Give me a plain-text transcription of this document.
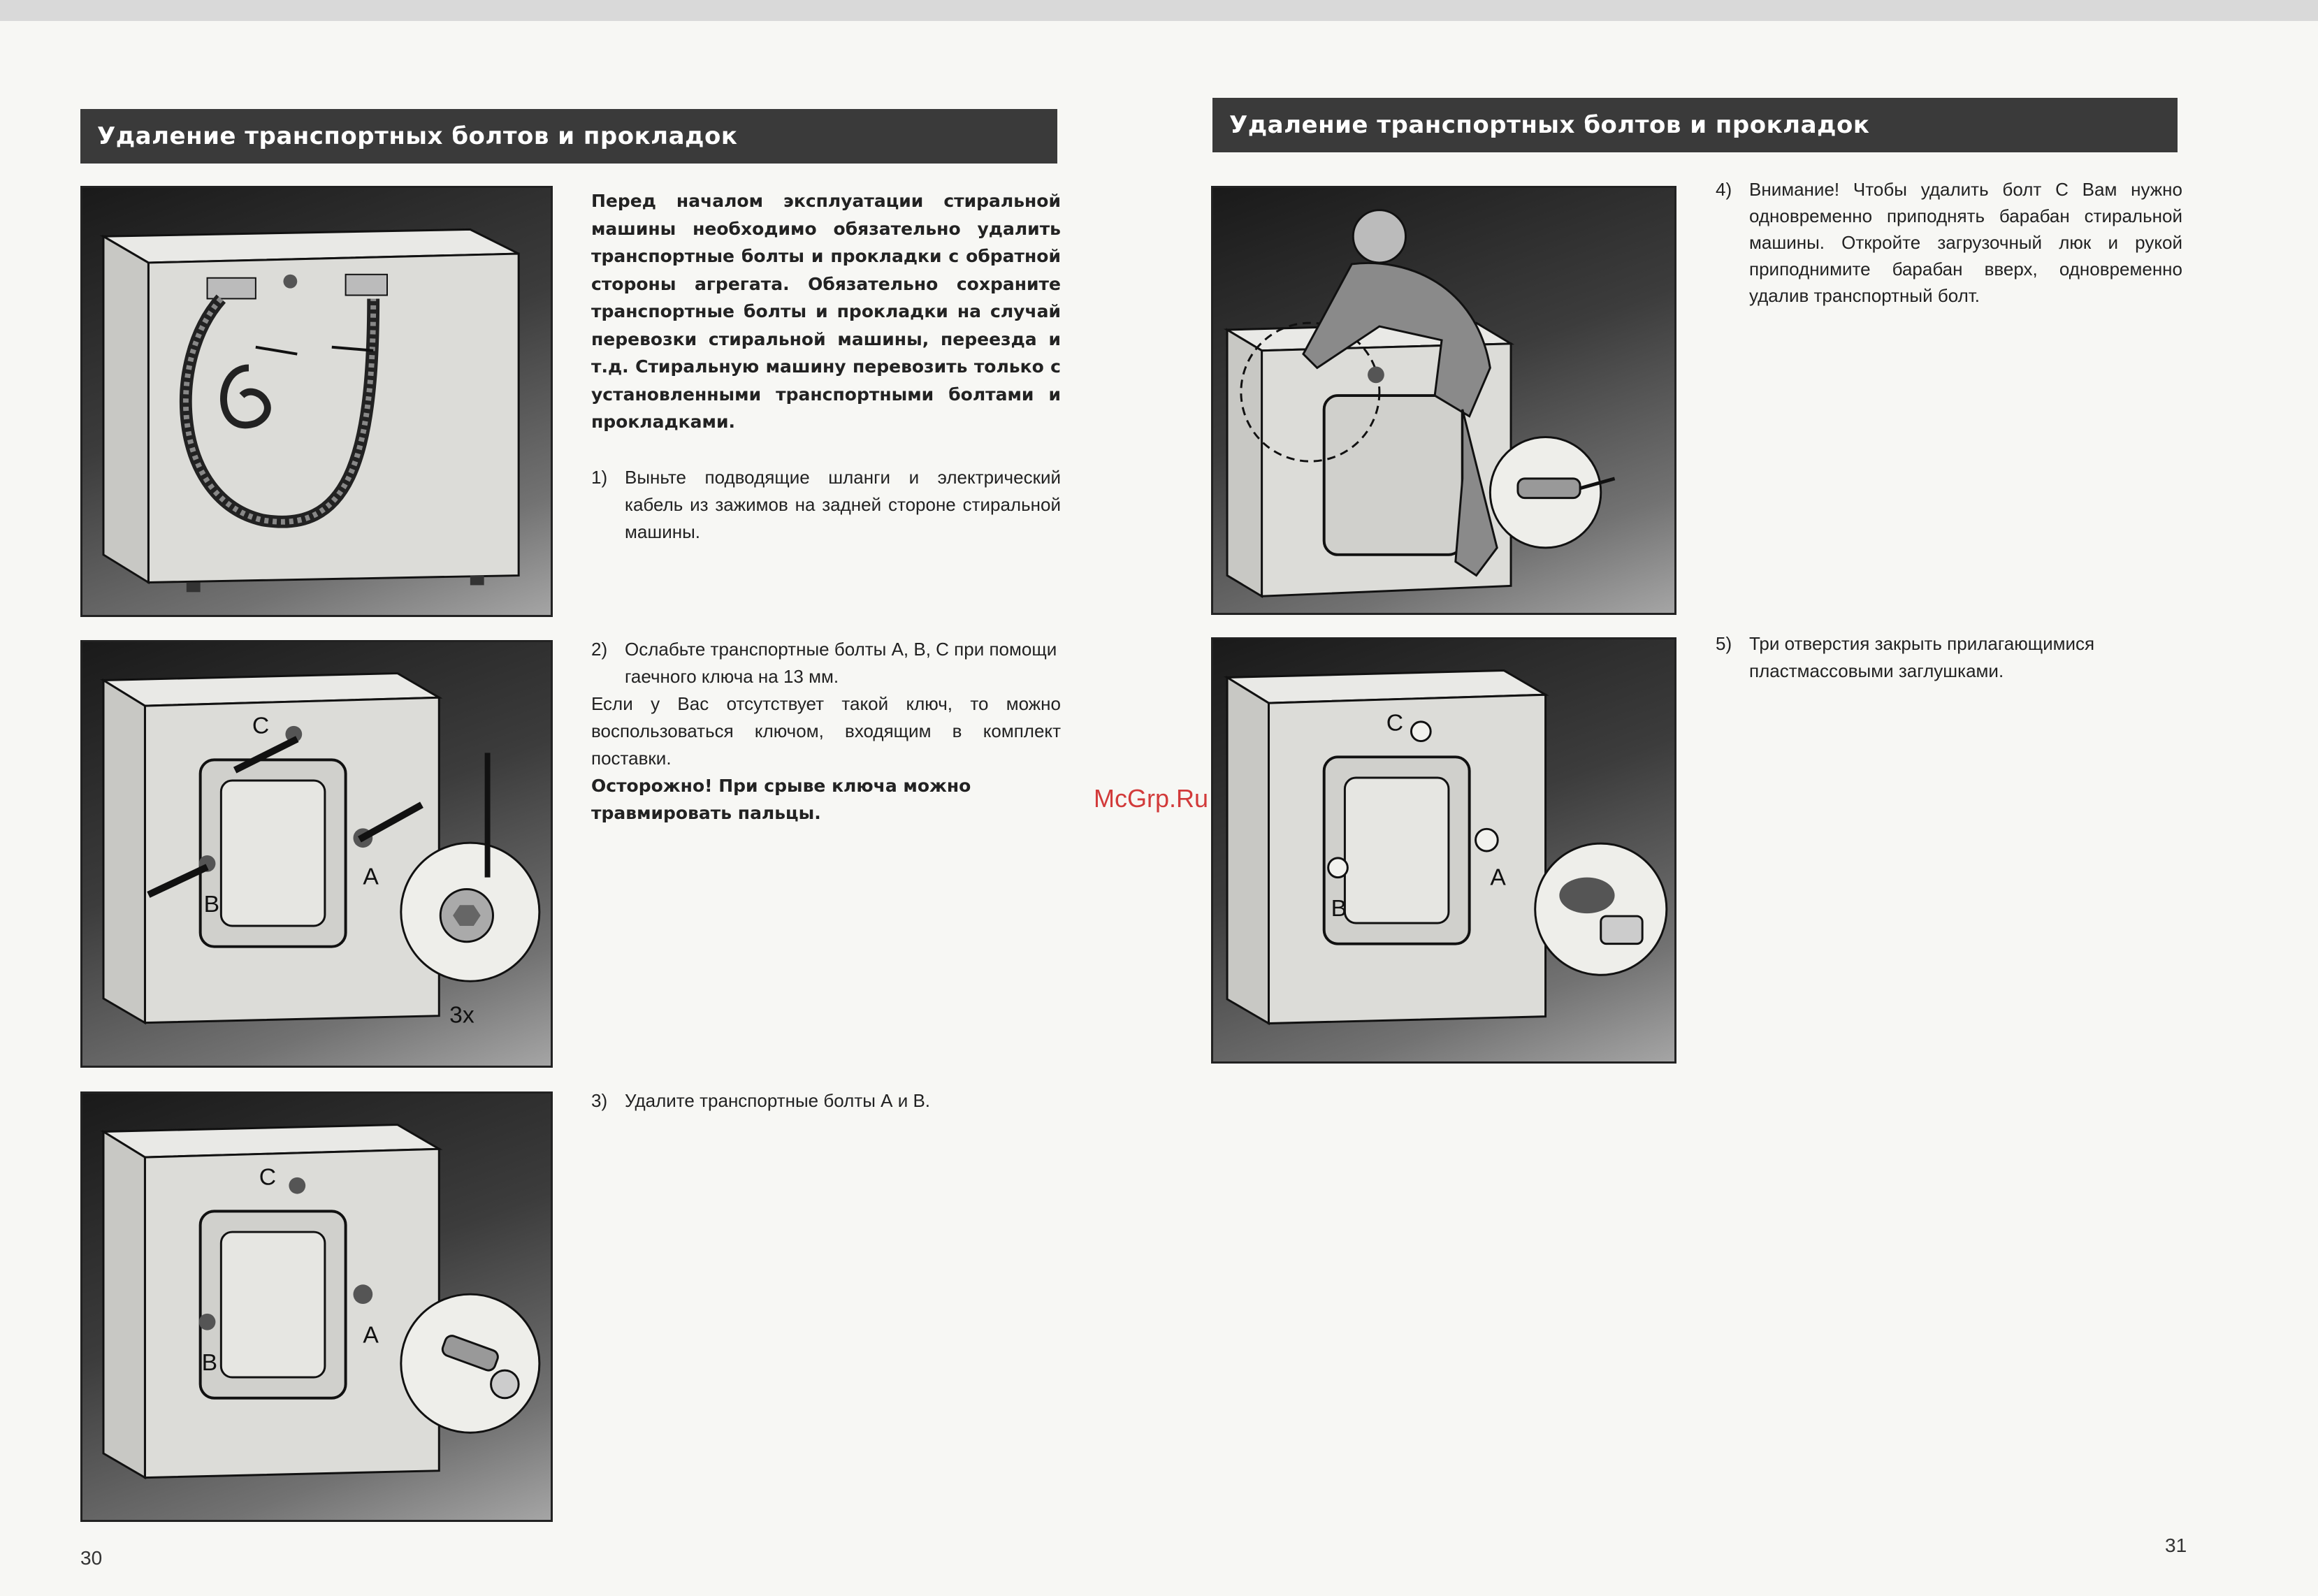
Удаление транспортных болтов и прокладок
Перед началом эксплуатации стиральной машины необходимо обязательно удалить транспортные болты и прокладки с обратной стороны агрегата. Обязательно сохраните транспортные болты и прокладки на случай перевозки стиральной машины, переезда и т.д. Стиральную машину перевозить только с установленными транспортными болтами и прокладками.
1) Выньте подводящие шланги и электрический кабель из зажимов на задней стороне стиральной машины.
C
A
B
3x
2) Ослабьте транспортные болты А, В, С при помощи гаечного ключа на 13 мм.

Если у Вас отсутствует такой ключ, то можно воспользоваться ключом, входящим в комплект поставки.

Осторожно! При срыве ключа можно травмировать пальцы.

C
A
B
3) Удалите транспортные болты А и В.
30
Удаление транспортных болтов и прокладок
4) Внимание! Чтобы удалить болт С Вам нужно одновременно приподнять барабан стиральной машины. Откройте загрузочный люк и рукой приподнимите барабан вверх, одновременно удалив транспортный болт.
C
A
B
5) Три отверстия закрыть прилагающимися пластмассовыми заглушками.
31
McGrp.Ru
